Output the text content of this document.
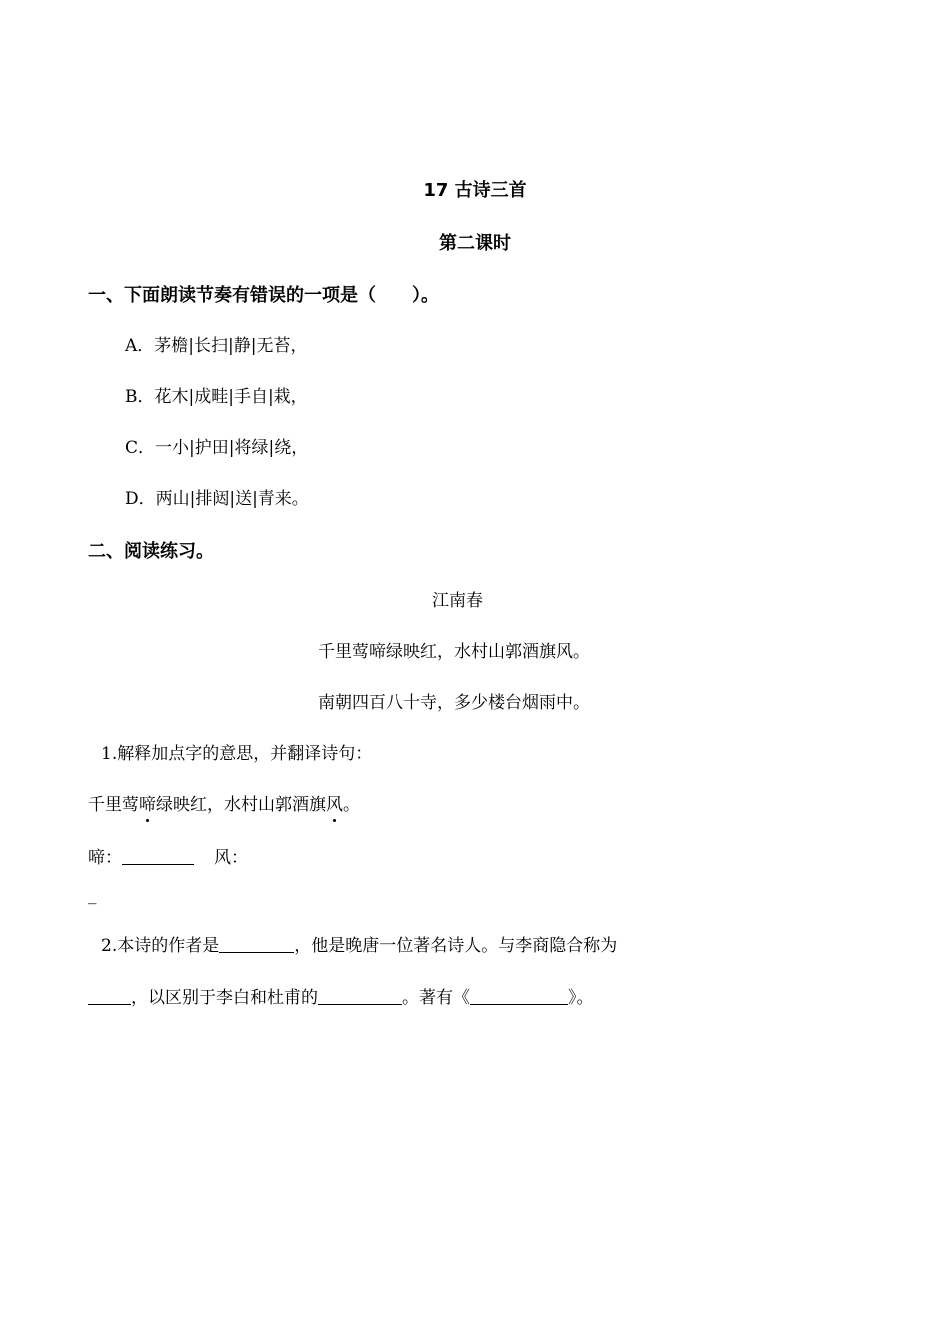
17 古诗三首
第二课时
一、下面朗读节奏有错误的一项是（　　）。
A．茅檐|长扫|静|无苔，
B．花木|成畦|手自|栽，
C．一小|护田|将绿|绕，
D．两山|排闼|送|青来。
二、阅读练习。
江南春
千里莺啼绿映红，水村山郭酒旗风。
南朝四百八十寺，多少楼台烟雨中。
1.解释加点字的意思，并翻译诗句：
千里莺啼绿映红，水村山郭酒旗风。
啼：	风：
_
2.本诗的作者是	，他是晚唐一位著名诗人。与李商隐合称为
，以区别于李白和杜甫的	。著有《	》。
